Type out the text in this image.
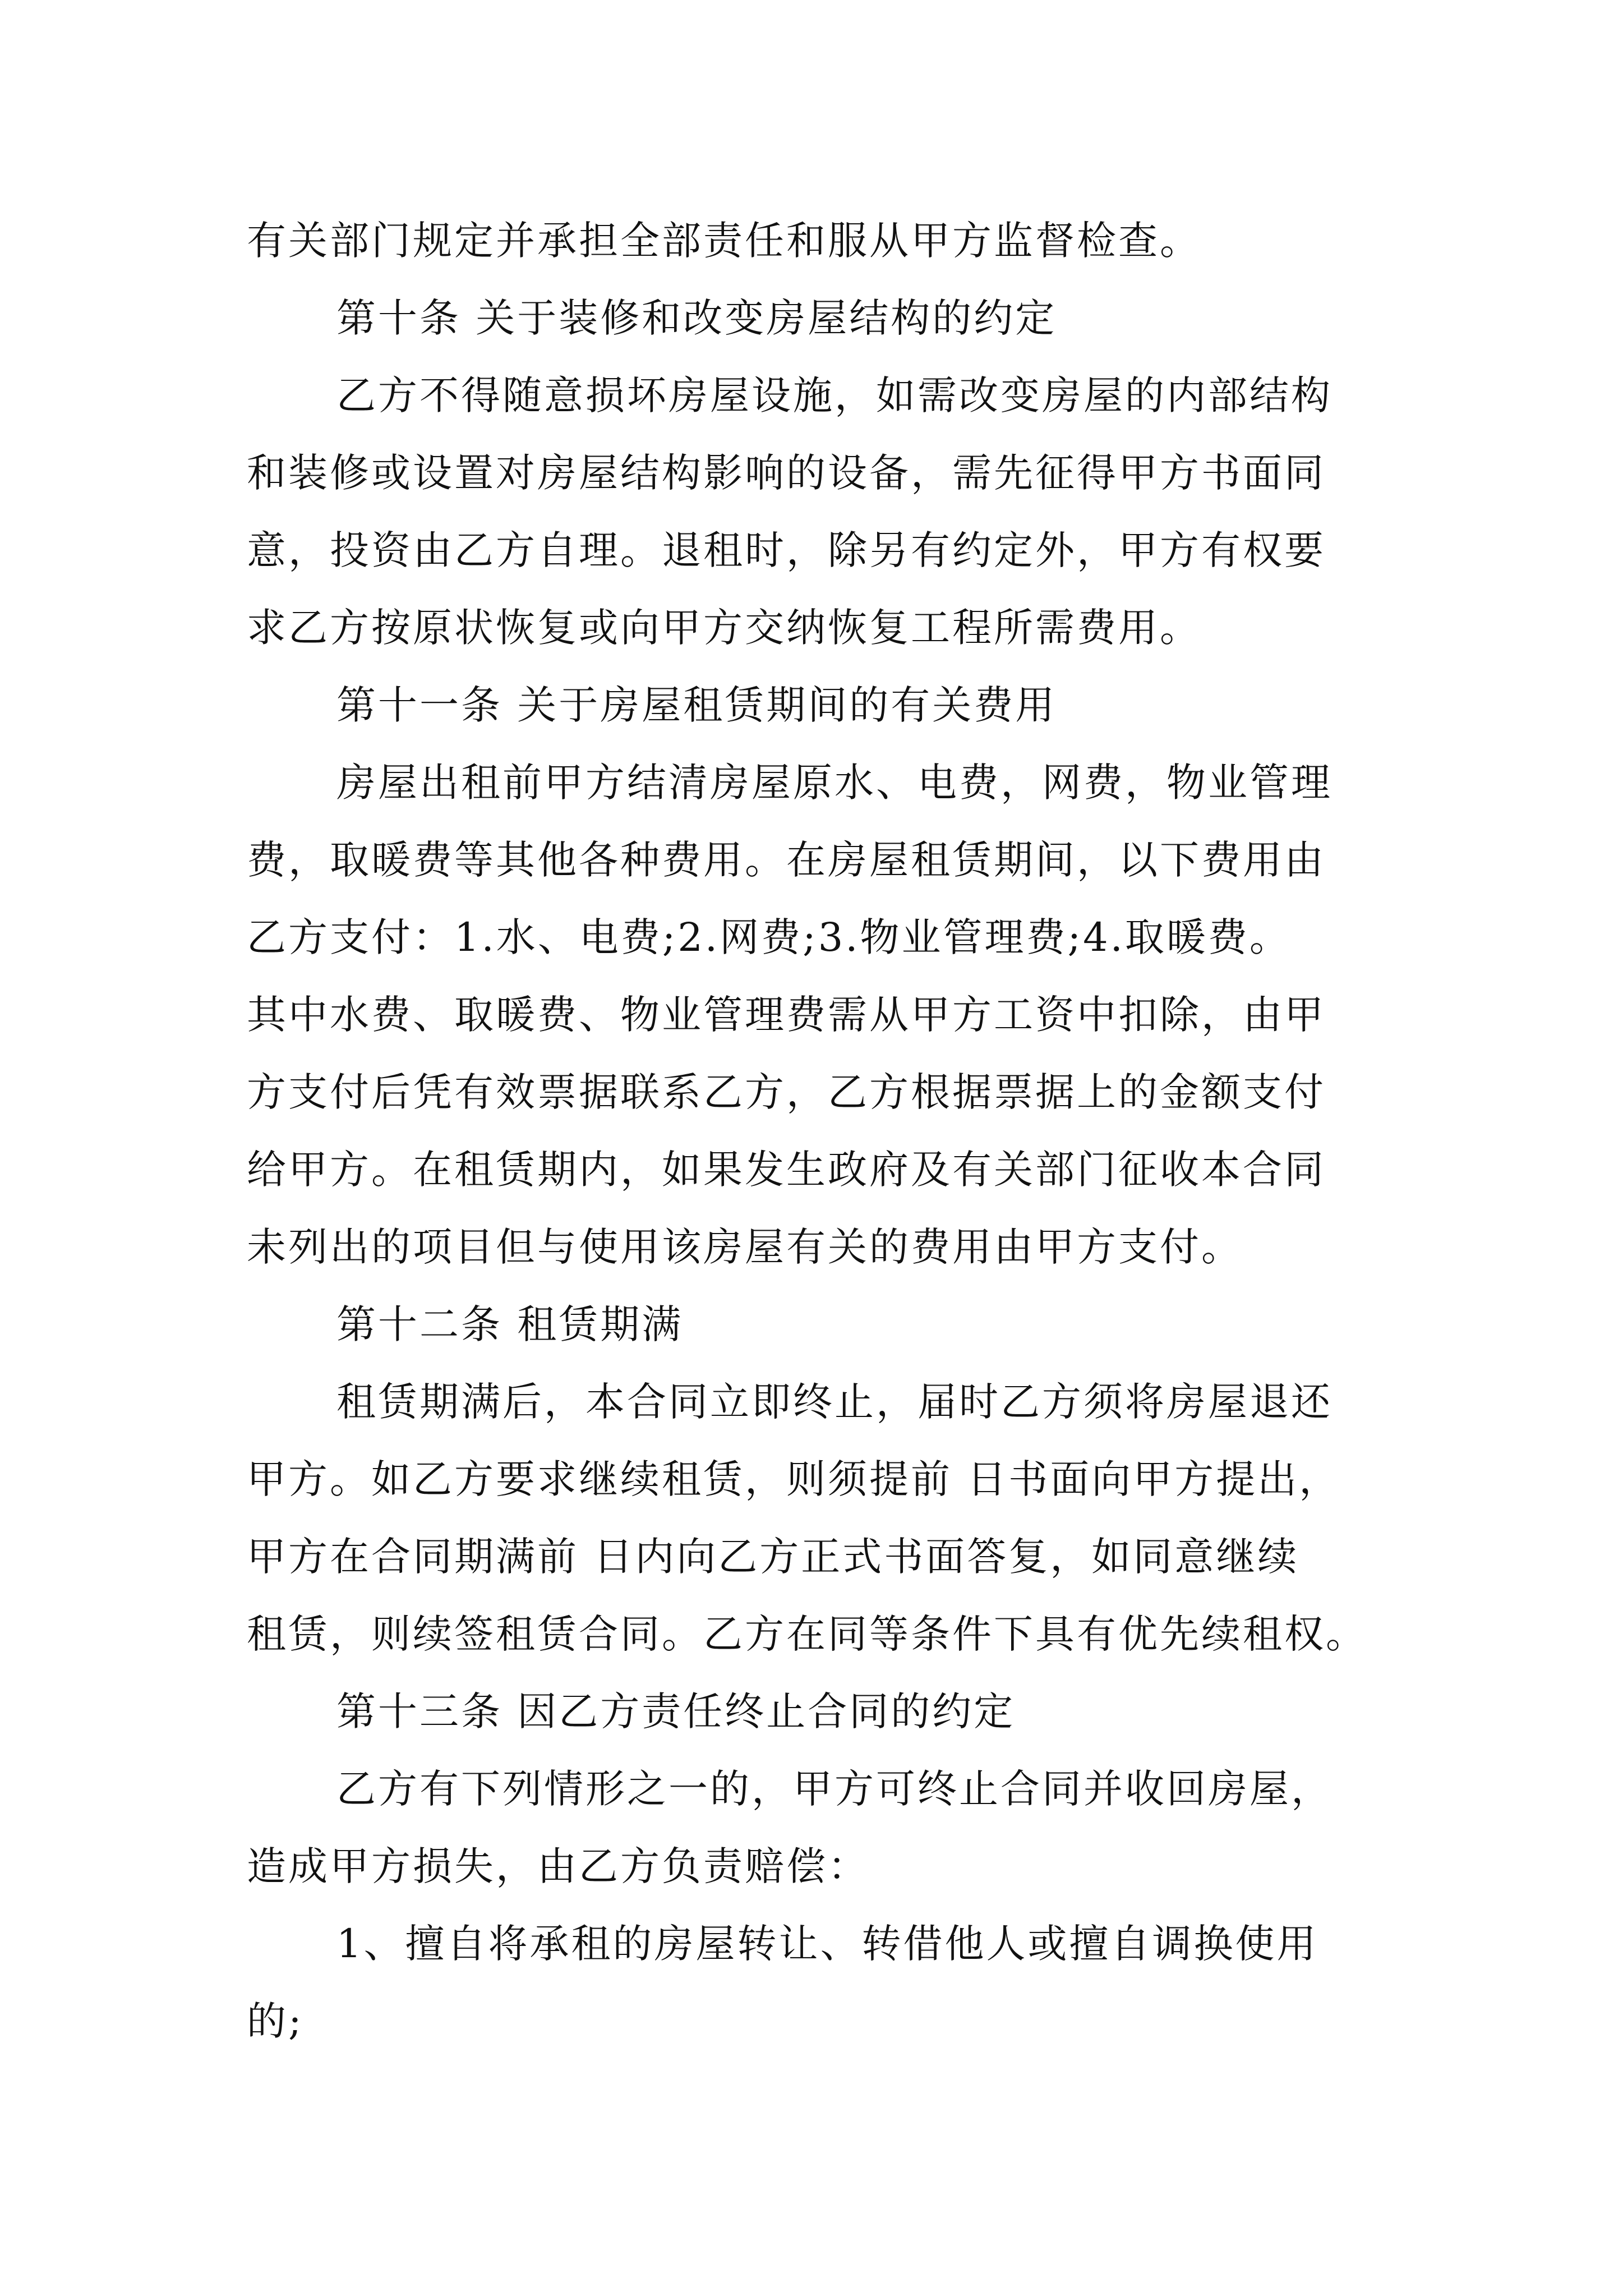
有关部门规定并承担全部责任和服从甲方监督检查。
第十条 关于装修和改变房屋结构的约定
乙方不得随意损坏房屋设施，如需改变房屋的内部结构
和装修或设置对房屋结构影响的设备，需先征得甲方书面同
意，投资由乙方自理。退租时，除另有约定外，甲方有权要
求乙方按原状恢复或向甲方交纳恢复工程所需费用。
第十一条 关于房屋租赁期间的有关费用
房屋出租前甲方结清房屋原水、电费，网费，物业管理
费，取暖费等其他各种费用。在房屋租赁期间，以下费用由
乙方支付：1.水、电费;2.网费;3.物业管理费;4.取暖费。
其中水费、取暖费、物业管理费需从甲方工资中扣除，由甲
方支付后凭有效票据联系乙方，乙方根据票据上的金额支付
给甲方。在租赁期内，如果发生政府及有关部门征收本合同
未列出的项目但与使用该房屋有关的费用由甲方支付。
第十二条 租赁期满
租赁期满后，本合同立即终止，届时乙方须将房屋退还
甲方。如乙方要求继续租赁，则须提前 日书面向甲方提出，
甲方在合同期满前 日内向乙方正式书面答复，如同意继续
租赁，则续签租赁合同。乙方在同等条件下具有优先续租权。
第十三条 因乙方责任终止合同的约定
乙方有下列情形之一的，甲方可终止合同并收回房屋，
造成甲方损失，由乙方负责赔偿：
1、擅自将承租的房屋转让、转借他人或擅自调换使用
的;
